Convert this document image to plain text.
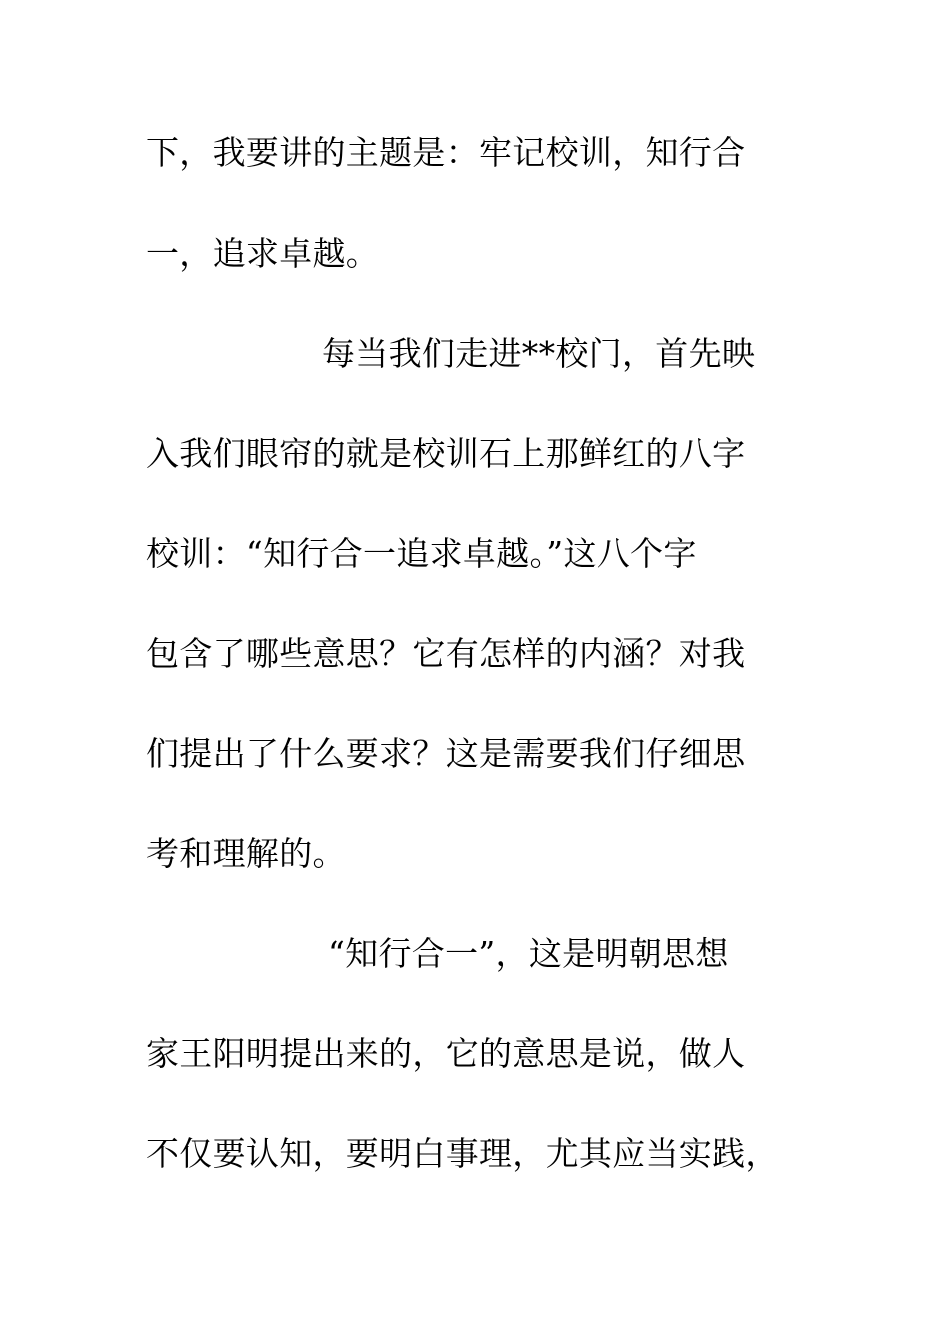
下，我要讲的主题是：牢记校训，知行合
一，追求卓越。
每当我们走进**校门，首先映
入我们眼帘的就是校训石上那鲜红的八字
校训：“知行合一追求卓越。”这八个字
包含了哪些意思？它有怎样的内涵？对我
们提出了什么要求？这是需要我们仔细思
考和理解的。
“知行合一”，这是明朝思想
家王阳明提出来的，它的意思是说，做人
不仅要认知，要明白事理，尤其应当实践，
